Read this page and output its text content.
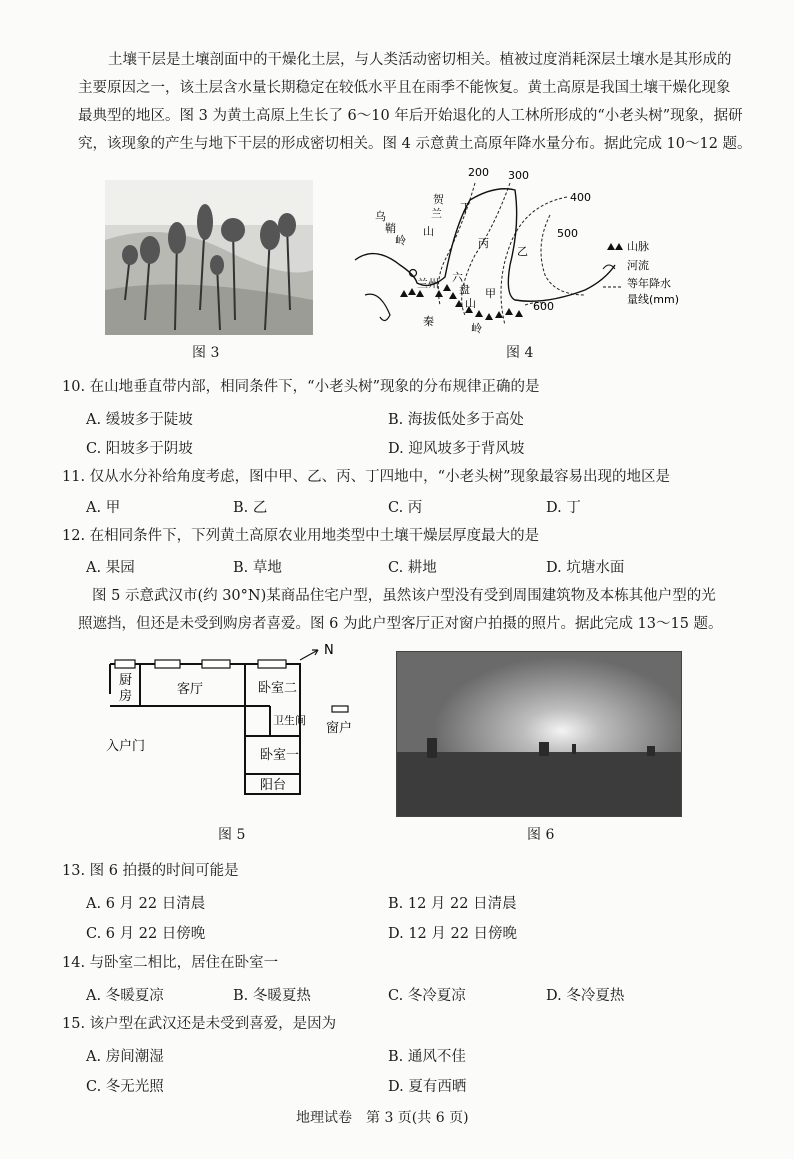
土壤干层是土壤剖面中的干燥化土层，与人类活动密切相关。植被过度消耗深层土壤水是其形成的
主要原因之一，该土层含水量长期稳定在较低水平且在雨季不能恢复。黄土高原是我国土壤干燥化现象
最典型的地区。图 3 为黄土高原上生长了 6～10 年后开始退化的人工林所形成的“小老头树”现象，据研
究，该现象的产生与地下干层的形成密切相关。图 4 示意黄土高原年降水量分布。据此完成 10～12 题。
图 3
200 300
400
500
600
乌
鞘
岭
贺
兰
山
六
盘
山
秦
岭
兰州
甲
乙
丙
丁
山脉
河流
等年降水
量线(mm)
图 4
10. 在山地垂直带内部，相同条件下，“小老头树”现象的分布规律正确的是
A. 缓坡多于陡坡	B. 海拔低处多于高处
C. 阳坡多于阴坡	D. 迎风坡多于背风坡
11. 仅从水分补给角度考虑，图中甲、乙、丙、丁四地中，“小老头树”现象最容易出现的地区是
A. 甲	B. 乙	C. 丙	D. 丁
12. 在相同条件下，下列黄土高原农业用地类型中土壤干燥层厚度最大的是
A. 果园	B. 草地	C. 耕地	D. 坑塘水面
图 5 示意武汉市(约 30°N)某商品住宅户型，虽然该户型没有受到周围建筑物及本栋其他户型的光
照遮挡，但还是未受到购房者喜爱。图 6 为此户型客厅正对窗户拍摄的照片。据此完成 13～15 题。
N
厨
房	客厅	卧室二
卫生间
卧室一
阳台
入户门
窗户
图 5	图 6
13. 图 6 拍摄的时间可能是
A. 6 月 22 日清晨	B. 12 月 22 日清晨
C. 6 月 22 日傍晚	D. 12 月 22 日傍晚
14. 与卧室二相比，居住在卧室一
A. 冬暖夏凉	B. 冬暖夏热	C. 冬冷夏凉	D. 冬冷夏热
15. 该户型在武汉还是未受到喜爱，是因为
A. 房间潮湿	B. 通风不佳
C. 冬无光照	D. 夏有西晒
地理试卷　第 3 页(共 6 页)
